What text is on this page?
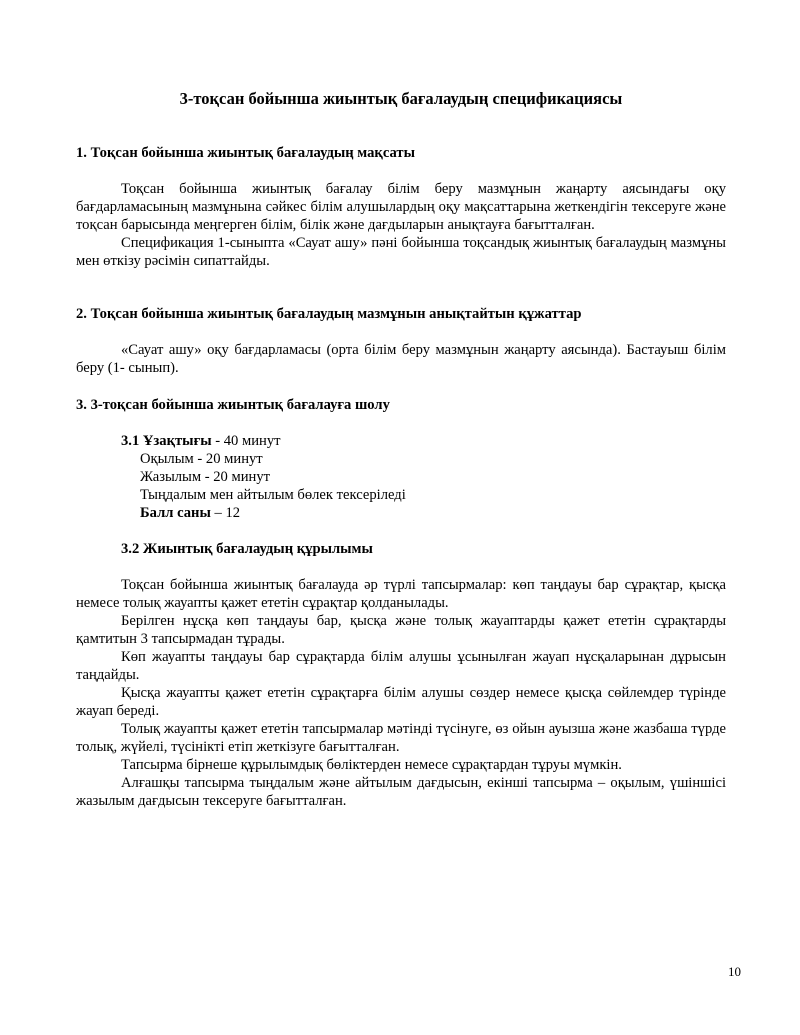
3-тоқсан бойынша жиынтық бағалаудың спецификациясы

1. Тоқсан бойынша жиынтық бағалаудың мақсаты

Тоқсан бойынша жиынтық бағалау білім беру мазмұнын жаңарту аясындағы оқу бағдарламасының мазмұнына сәйкес білім алушылардың оқу мақсаттарына жеткендігін тексеруге және тоқсан барысында меңгерген білім, білік және дағдыларын анықтауға бағытталған.

Спецификация 1-сыныпта «Сауат ашу» пәні бойынша тоқсандық жиынтық бағалаудың мазмұны мен өткізу рәсімін сипаттайды.

2. Тоқсан бойынша жиынтық бағалаудың мазмұнын анықтайтын құжаттар

«Сауат ашу» оқу бағдарламасы (орта білім беру мазмұнын жаңарту аясында). Бастауыш білім беру (1- сынып).

3. 3-тоқсан бойынша жиынтық бағалауға шолу

3.1 Ұзақтығы - 40 минут

Оқылым - 20 минут

Жазылым - 20 минут

Тыңдалым мен айтылым бөлек тексеріледі

Балл саны – 12

3.2 Жиынтық бағалаудың құрылымы

Тоқсан бойынша жиынтық бағалауда әр түрлі тапсырмалар: көп таңдауы бар сұрақтар, қысқа немесе толық жауапты қажет ететін сұрақтар қолданылады.

Берілген нұсқа көп таңдауы бар, қысқа және толық жауаптарды қажет ететін сұрақтарды қамтитын 3 тапсырмадан тұрады.

Көп жауапты таңдауы бар сұрақтарда білім алушы ұсынылған жауап нұсқаларынан дұрысын таңдайды.

Қысқа жауапты қажет ететін сұрақтарға білім алушы сөздер немесе қысқа сөйлемдер түрінде жауап береді.

Толық жауапты қажет ететін тапсырмалар мәтінді түсінуге, өз ойын ауызша және жазбаша түрде толық, жүйелі, түсінікті етіп жеткізуге бағытталған.

Тапсырма бірнеше құрылымдық бөліктерден немесе сұрақтардан тұруы мүмкін.

Алғашқы тапсырма тыңдалым және айтылым дағдысын, екінші тапсырма – оқылым, үшіншісі жазылым дағдысын тексеруге бағытталған.

10
